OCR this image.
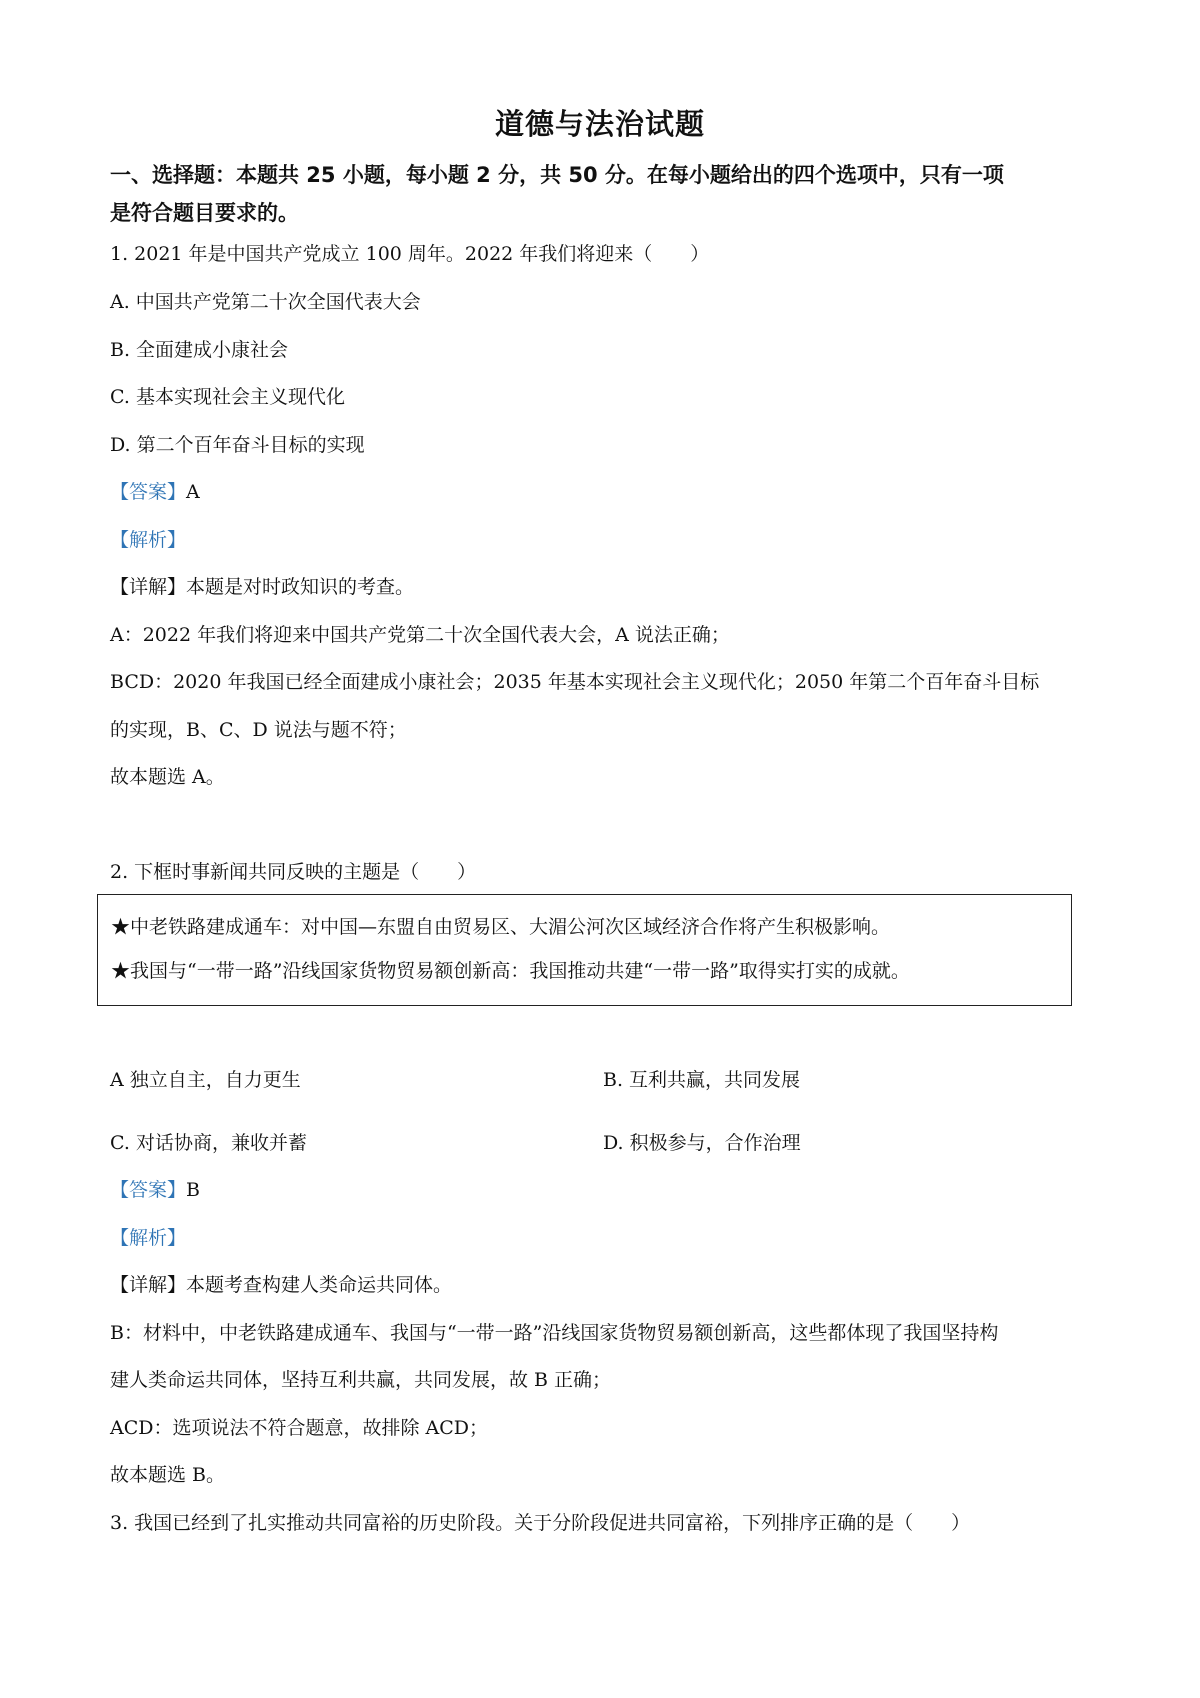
道德与法治试题
一、选择题：本题共 25 小题，每小题 2 分，共 50 分。在每小题给出的四个选项中，只有一项
是符合题目要求的。
1. 2021 年是中国共产党成立 100 周年。2022 年我们将迎来（　　）
A. 中国共产党第二十次全国代表大会
B. 全面建成小康社会
C. 基本实现社会主义现代化
D. 第二个百年奋斗目标的实现
【答案】A
【解析】
【详解】本题是对时政知识的考查。
A：2022 年我们将迎来中国共产党第二十次全国代表大会，A 说法正确；
BCD：2020 年我国已经全面建成小康社会；2035 年基本实现社会主义现代化；2050 年第二个百年奋斗目标
的实现，B、C、D 说法与题不符；
故本题选 A。
2. 下框时事新闻共同反映的主题是（　　）
★中老铁路建成通车：对中国—东盟自由贸易区、大湄公河次区域经济合作将产生积极影响。
★我国与“一带一路”沿线国家货物贸易额创新高：我国推动共建“一带一路”取得实打实的成就。
A 独立自主，自力更生	B. 互利共赢，共同发展
C. 对话协商，兼收并蓄	D. 积极参与，合作治理
【答案】B
【解析】
【详解】本题考查构建人类命运共同体。
B：材料中，中老铁路建成通车、我国与“一带一路”沿线国家货物贸易额创新高，这些都体现了我国坚持构
建人类命运共同体，坚持互利共赢，共同发展，故 B 正确；
ACD：选项说法不符合题意，故排除 ACD；
故本题选 B。
3. 我国已经到了扎实推动共同富裕的历史阶段。关于分阶段促进共同富裕，下列排序正确的是（　　）
